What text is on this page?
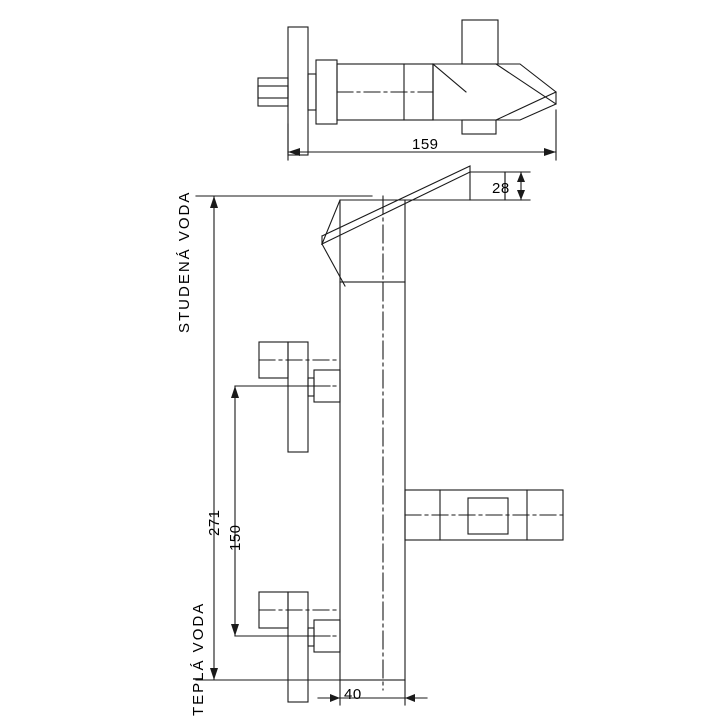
159
28
271
150
40
STUDENÁ VODA
TEPLÁ VODA
